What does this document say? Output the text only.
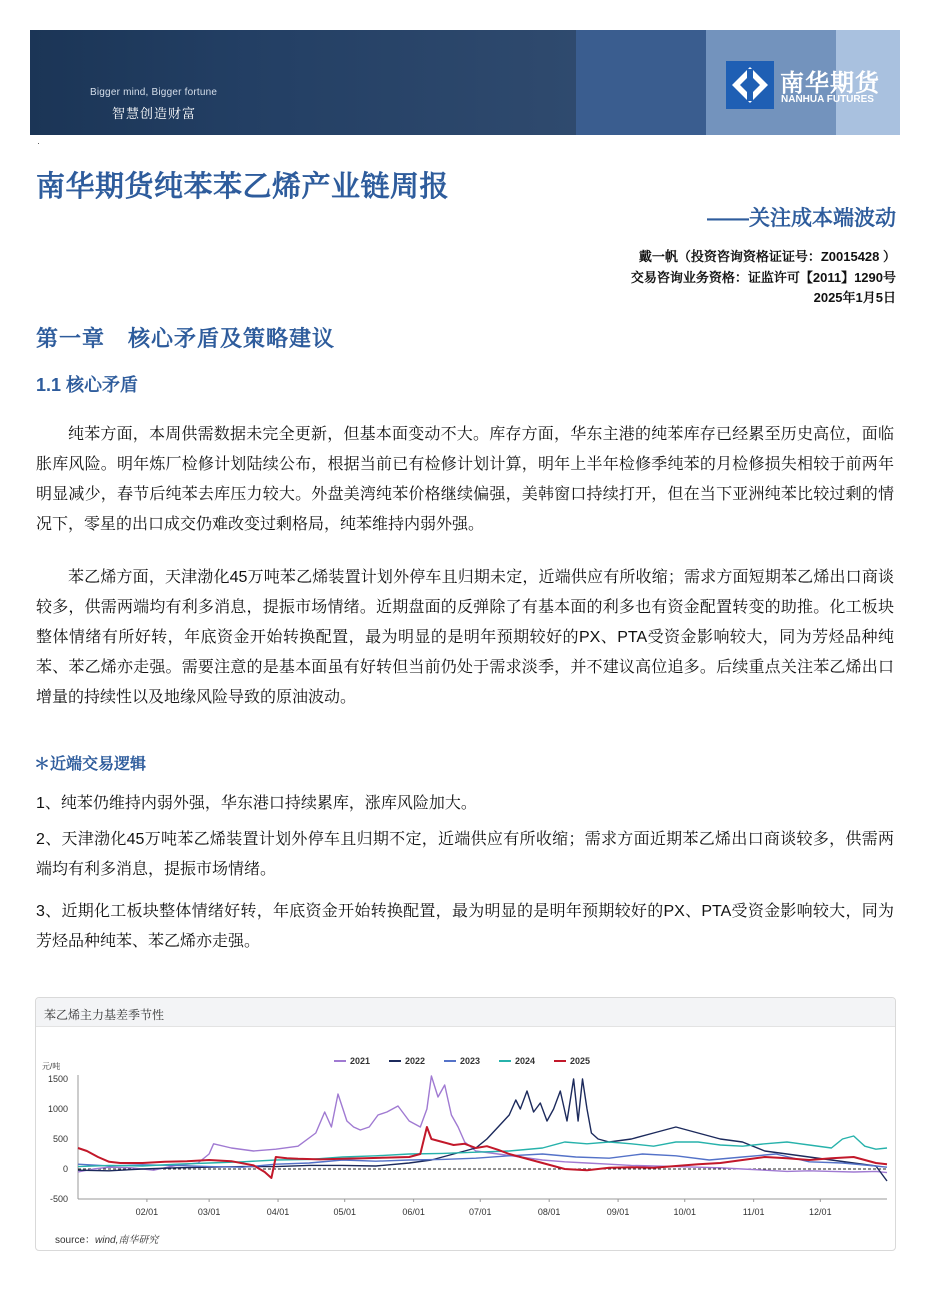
Bigger mind, Bigger fortune
智慧创造财富
南华期货
NANHUA FUTURES
·
南华期货纯苯苯乙烯产业链周报
——关注成本端波动
戴一帆（投资咨询资格证证号：Z0015428 ）
交易咨询业务资格：证监许可【2011】1290号
2025年1月5日
第一章　核心矛盾及策略建议
1.1 核心矛盾

纯苯方面，本周供需数据未完全更新，但基本面变动不大。库存方面，华东主港的纯苯库存已经累至历史高位，面临胀库风险。明年炼厂检修计划陆续公布，根据当前已有检修计划计算，明年上半年检修季纯苯的月检修损失相较于前两年明显减少，春节后纯苯去库压力较大。外盘美湾纯苯价格继续偏强，美韩窗口持续打开，但在当下亚洲纯苯比较过剩的情况下，零星的出口成交仍难改变过剩格局，纯苯维持内弱外强。

苯乙烯方面，天津渤化45万吨苯乙烯装置计划外停车且归期未定，近端供应有所收缩；需求方面短期苯乙烯出口商谈较多，供需两端均有利多消息，提振市场情绪。近期盘面的反弹除了有基本面的利多也有资金配置转变的助推。化工板块整体情绪有所好转，年底资金开始转换配置，最为明显的是明年预期较好的PX、PTA受资金影响较大，同为芳烃品种纯苯、苯乙烯亦走强。需要注意的是基本面虽有好转但当前仍处于需求淡季，并不建议高位追多。后续重点关注苯乙烯出口增量的持续性以及地缘风险导致的原油波动。

＊近端交易逻辑

1、纯苯仍维持内弱外强，华东港口持续累库，涨库风险加大。

2、天津渤化45万吨苯乙烯装置计划外停车且归期不定，近端供应有所收缩；需求方面近期苯乙烯出口商谈较多，供需两端均有利多消息，提振市场情绪。

3、近期化工板块整体情绪好转，年底资金开始转换配置，最为明显的是明年预期较好的PX、PTA受资金影响较大，同为芳烃品种纯苯、苯乙烯亦走强。

苯乙烯主力基差季节性
元/吨
-500
0
500
1000
1500
02/01	03/01	04/01	05/01	06/01	07/01	08/01	09/01	10/01	11/01	12/01
2021	2022	2023	2024	2025
source：wind,南华研究
